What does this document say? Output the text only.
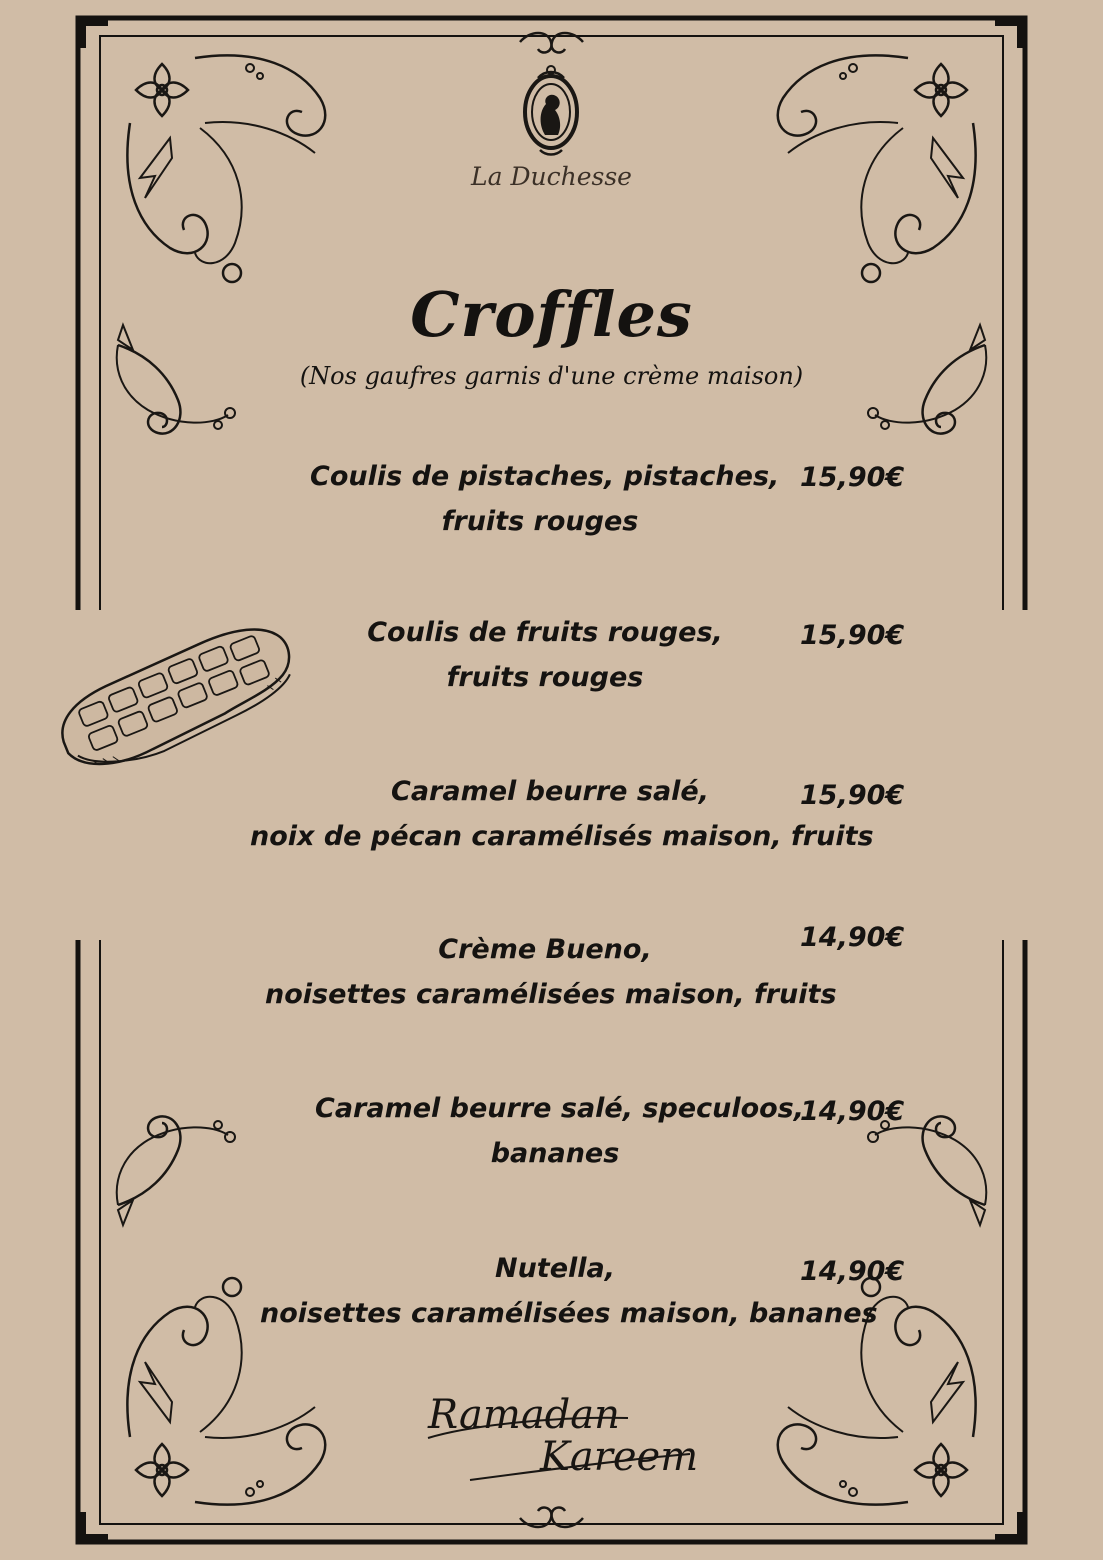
La Duchesse
Croffles
(Nos gaufres garnis d'une crème maison)
Coulis de pistaches, pistaches,
fruits rouges
15,90€
Coulis de fruits rouges,
fruits rouges
15,90€
Caramel beurre salé,
noix de pécan caramélisés maison, fruits
15,90€
Crème Bueno,
noisettes caramélisées maison, fruits
14,90€
Caramel beurre salé, speculoos,
bananes
14,90€
Nutella,
noisettes caramélisées maison, bananes
14,90€
Ramadan
Kareem
